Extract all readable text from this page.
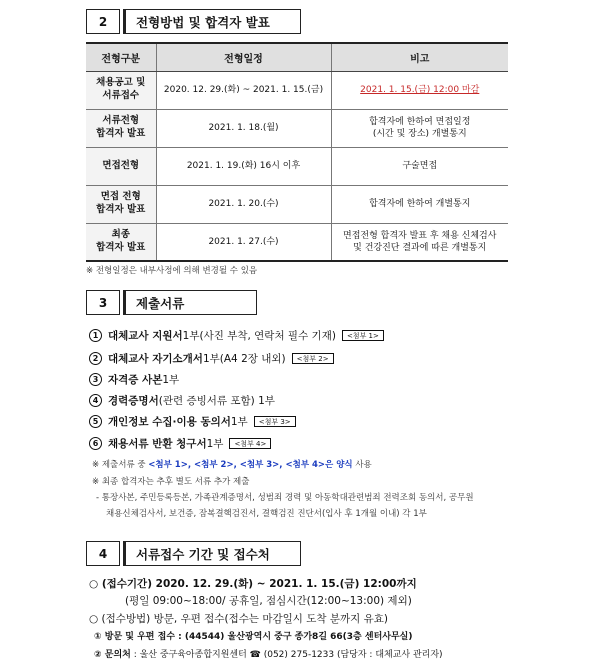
2	전형방법 및 합격자 발표
전형구분	전형일정	비고
채용공고 및
서류접수	2020. 12. 29.(화) ~ 2021. 1. 15.(금)	2021. 1. 15.(금) 12:00 마감
서류전형
합격자 발표	2021. 1. 18.(월)	합격자에 한하여 면접일정
(시간 및 장소) 개별통지
면접전형	2021. 1. 19.(화) 16시 이후	구술면접
면접 전형
합격자 발표	2021. 1. 20.(수)	합격자에 한하여 개별통지
최종
합격자 발표	2021. 1. 27.(수)	면접전형 합격자 발표 후 채용 신체검사
및 건강진단 결과에 따른 개별통지
※ 전형일정은 내부사정에 의해 변경될 수 있음
3	제출서류
1 대체교사 지원서 1부(사진 부착, 연락처 필수 기재)	<첨부 1>
2 대체교사 자기소개서 1부(A4 2장 내외)	<첨부 2>
3 자격증 사본 1부
4 경력증명서 (관련 증빙서류 포함) 1부
5 개인정보 수집·이용 동의서 1부	<첨부 3>
6 채용서류 반환 청구서 1부	<첨부 4>
※ 제출서류 중 <첨부 1>, <첨부 2>, <첨부 3>, <첨부 4>은 양식 사용
※ 최종 합격자는 추후 별도 서류 추가 제출
- 통장사본, 주민등록등본, 가족관계증명서, 성범죄 경력 및 아동학대관련범죄 전력조회 동의서, 공무원
채용신체검사서, 보건증, 잠복결핵검진서, 결핵검진 진단서(입사 후 1개월 이내) 각 1부
4	서류접수 기간 및 접수처
○ (접수기간) 2020. 12. 29.(화) ~ 2021. 1. 15.(금) 12:00까지
(평일 09:00~18:00/ 공휴일, 점심시간(12:00~13:00) 제외)
○ (접수방법) 방문, 우편 접수(접수는 마감일시 도착 분까지 유효)
① 방문 및 우편 접수 : (44544) 울산광역시 중구 종가8길 66(3층 센터사무실)
② 문의처 : 울산 중구육아종합지원센터 ☎ (052) 275-1233 (담당자 : 대체교사 관리자)
